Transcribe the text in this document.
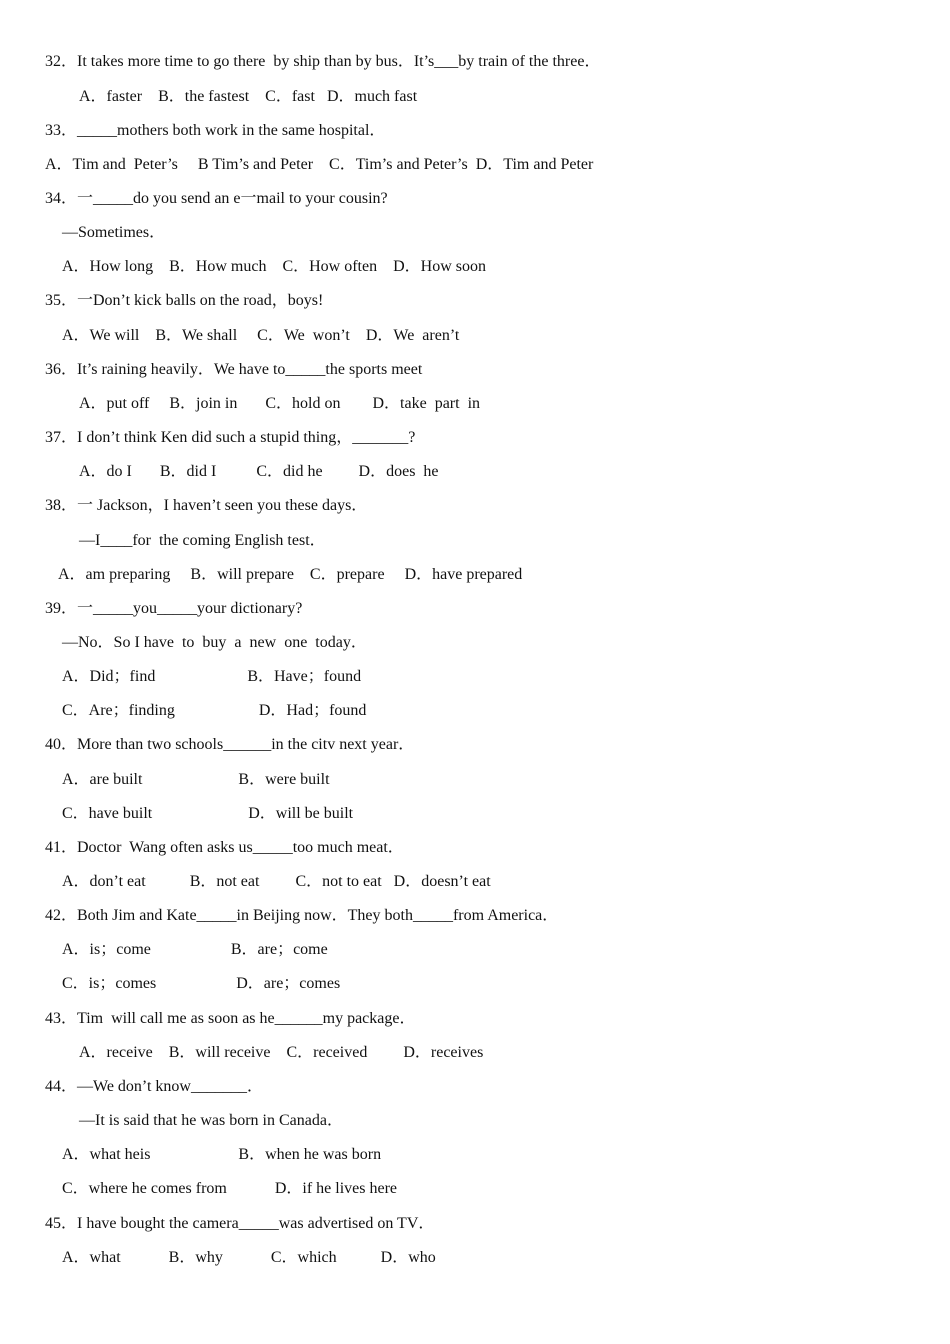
32．It takes more time to go there  by ship than by bus．It’s___by train of the three．
A．faster    B．the fastest    C．fast   D．much fast
33．_____mothers both work in the same hospital．
A．Tim and  Peter’s     B Tim’s and Peter    C．Tim’s and Peter’s  D．Tim and Peter
34．一_____do you send an e一mail to your cousin?
—Sometimes．
A．How long    B．How much    C．How often    D．How soon
35．一Don’t kick balls on the road，boys!
A．We will    B．We shall     C．We  won’t    D．We  aren’t
36．It’s raining heavily．We have to_____the sports meet
A．put off     B．join in       C．hold on        D．take  part  in
37．I don’t think Ken did such a stupid thing，_______?
A．do I       B．did I          C．did he         D．does  he
38．一 Jackson，I haven’t seen you these days．
—I____for  the coming English test．
A．am preparing     B．will prepare    C．prepare     D．have prepared
39．一_____you_____your dictionary?
—No．So I have  to  buy  a  new  one  today．
A．Did；find                       B．Have；found
C．Are；finding                     D．Had；found
40．More than two schools______in the citv next year．
A．are built                        B．were built
C．have built                        D．will be built
41．Doctor  Wang often asks us_____too much meat．
A．don’t eat           B．not eat         C．not to eat   D．doesn’t eat
42．Both Jim and Kate_____in Beijing now．They both_____from America．
A．is；come                    B．are；come
C．is；comes                    D．are；comes
43．Tim  will call me as soon as he______my package．
A．receive    B．will receive    C．received         D．receives
44．—We don’t know_______．
—It is said that he was born in Canada．
A．what heis                      B．when he was born
C．where he comes from            D．if he lives here
45．I have bought the camera_____was advertised on TV．
A．what            B．why            C．which           D．who
